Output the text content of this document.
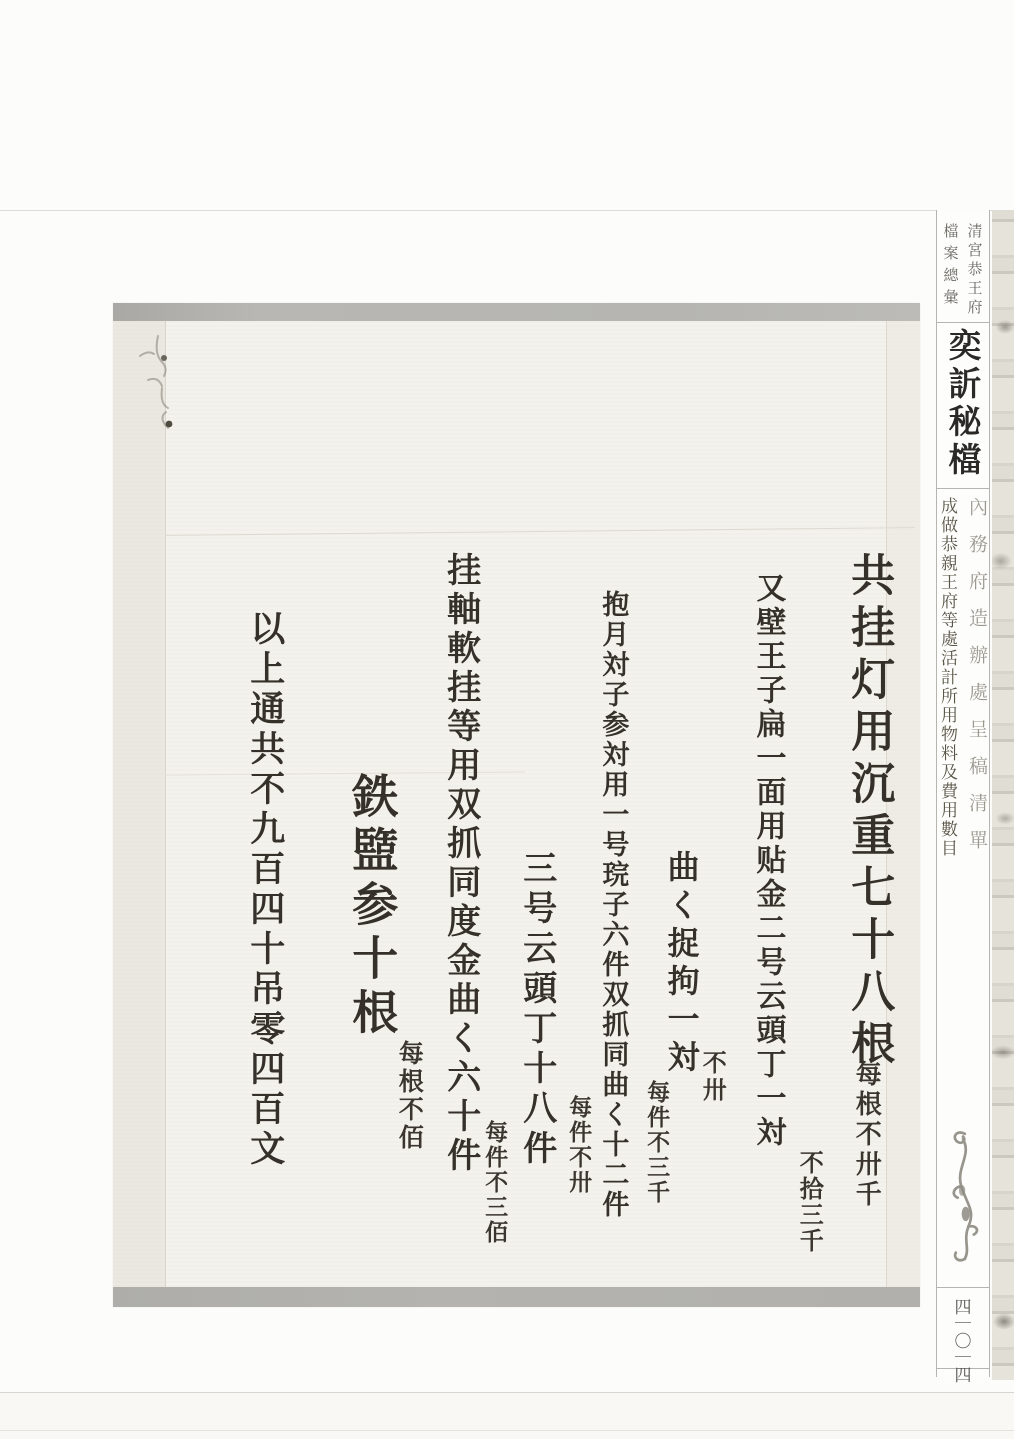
共挂灯用沉重七十八根
每根不卅千
又壁王子扁一面用贴金二号云頭丁一対
不拾三千
曲く捉拘一対
不卅
抱月対子参対用一号琓子六件双抓同曲く十二件 每件不三千
三号云頭丁十八件 每件不卅
挂軸軟挂等用双抓同度金曲く六十件
每件不三佰
鉄盬参十根
每根不佰
以上通共不九百四十吊零四百文
清宮恭王府
檔案總彙
奕訢秘檔
內務府造辦處呈稿清單
成做恭親王府等處活計所用物料及費用數目
四
〇
四
